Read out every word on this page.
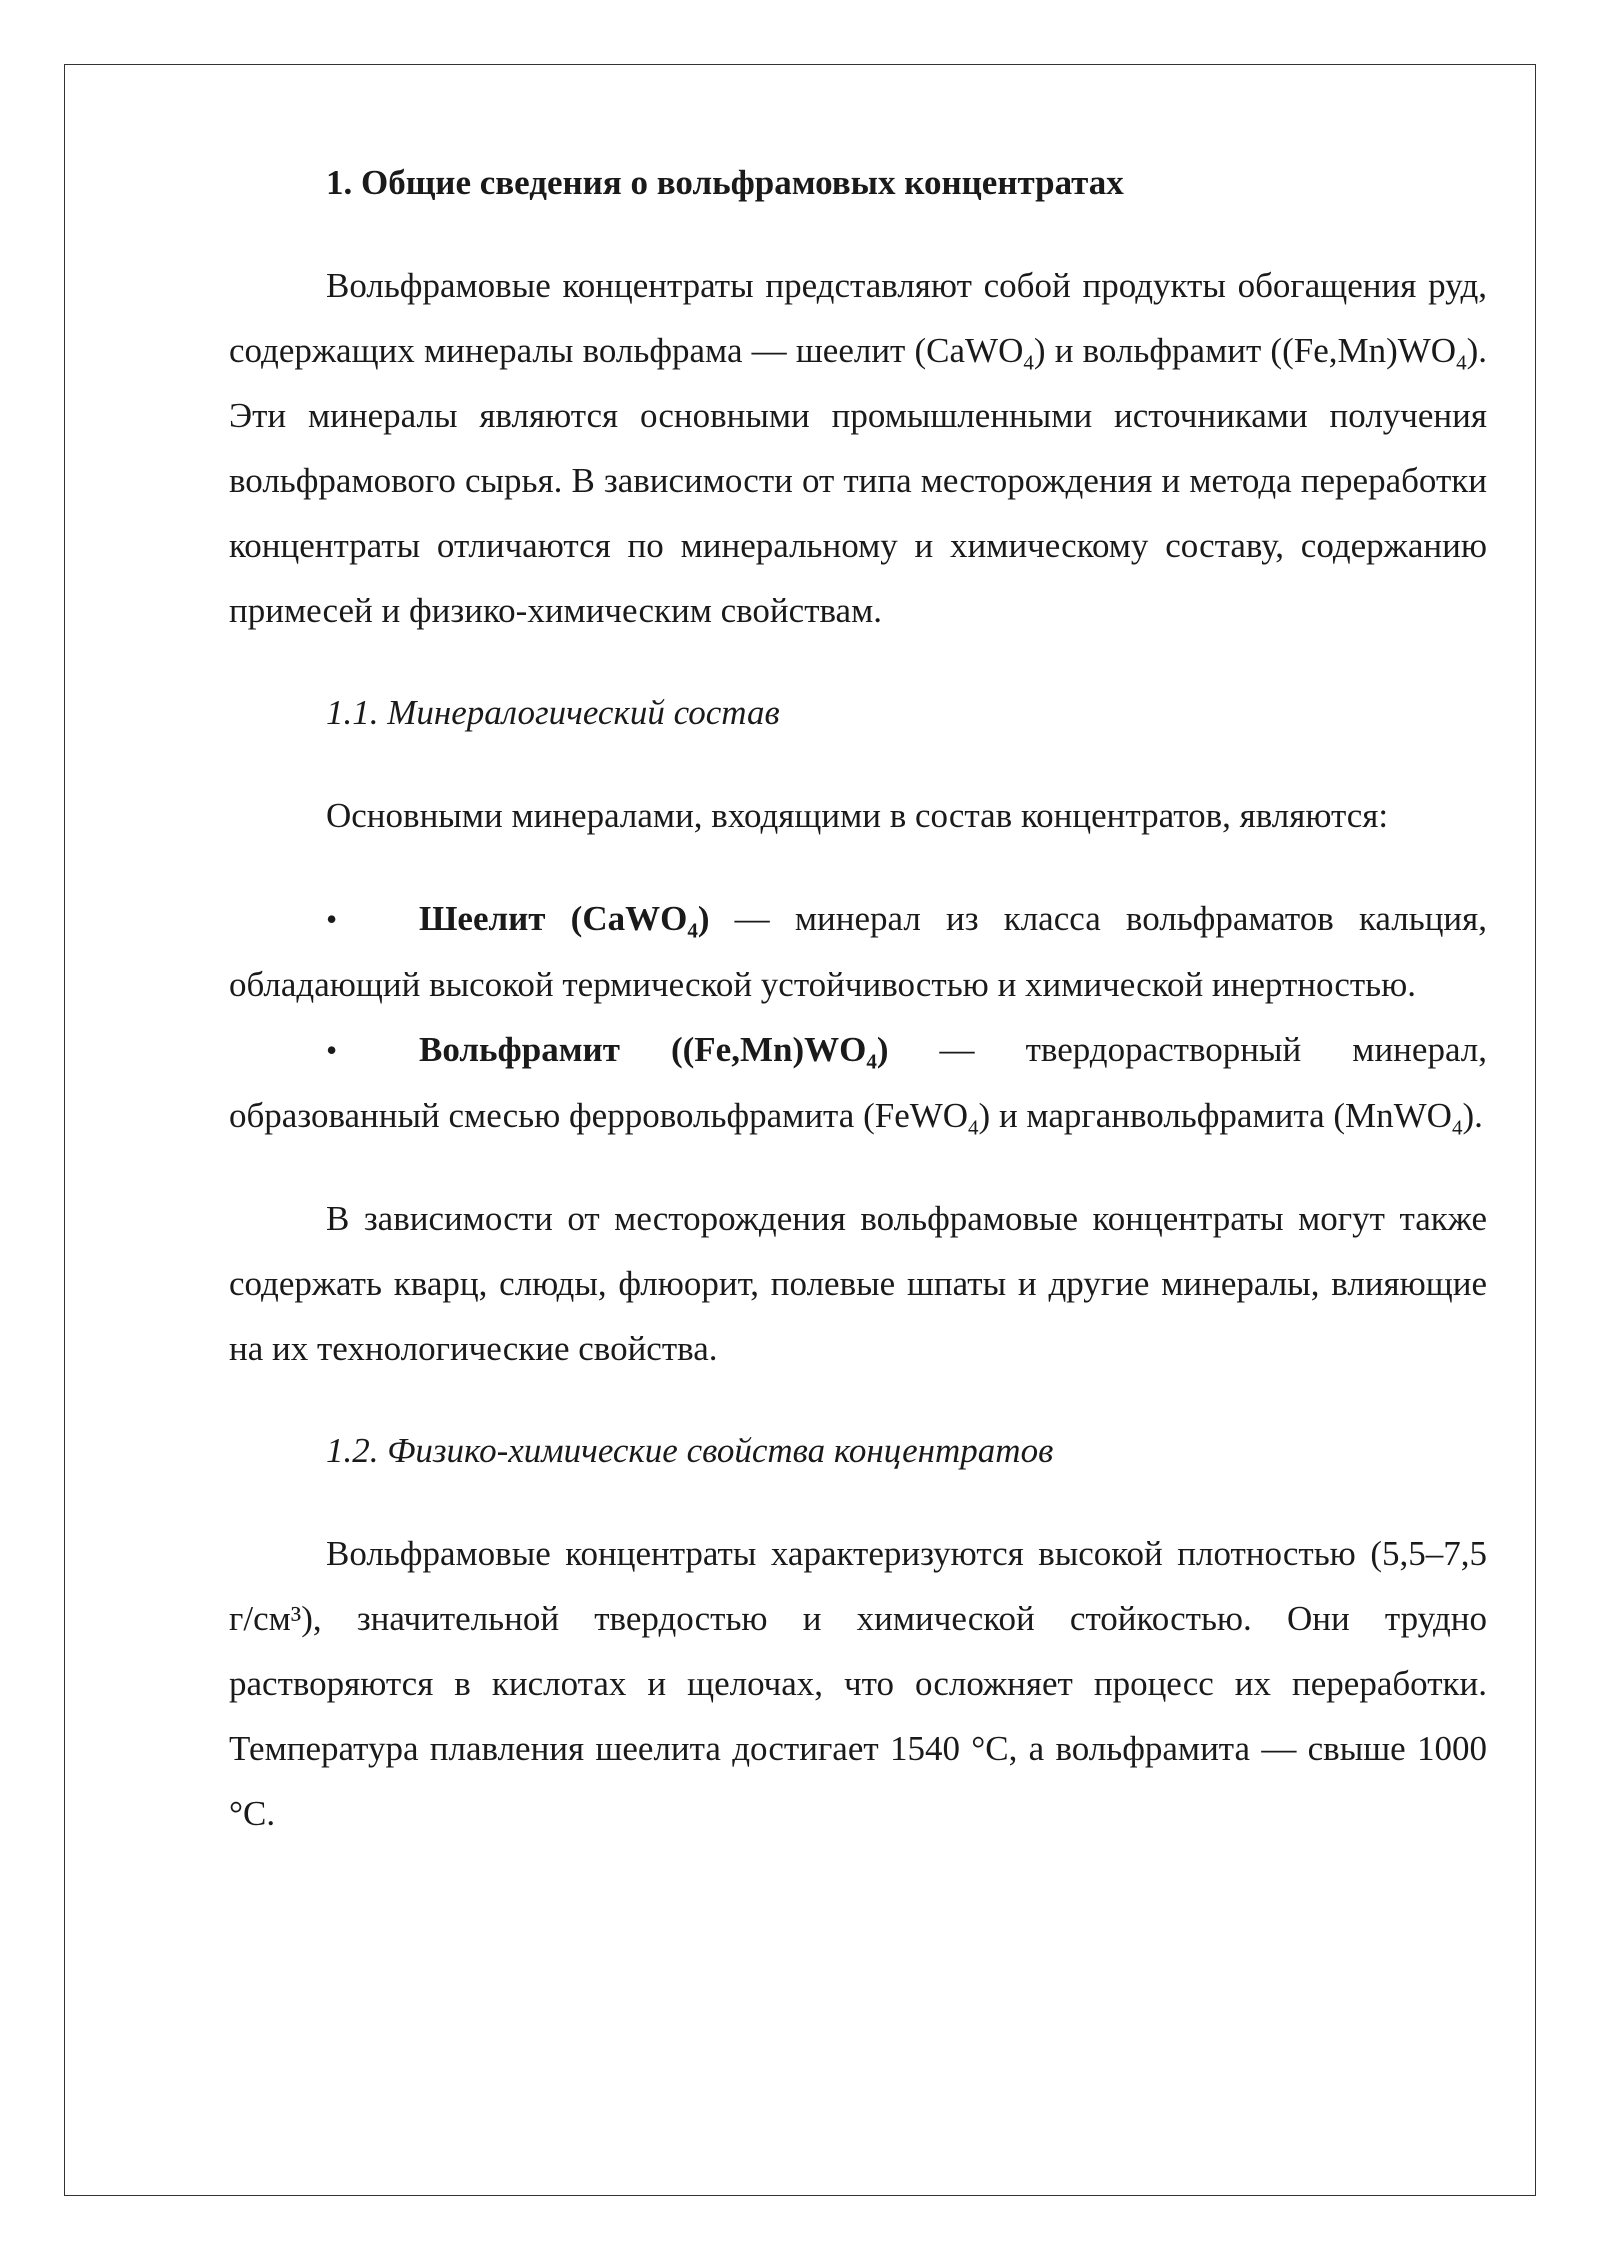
1. Общие сведения о вольфрамовых концентратах

Вольфрамовые концентраты представляют собой продукты обогащения руд, содержащих минералы вольфрама — шеелит (CaWO$_4$) и вольфрамит $((Fe,Mn)WO_4)$. Эти минералы являются основными промышленными источниками получения вольфрамового сырья. В зависимости от типа месторождения и метода переработки концентраты отличаются по минеральному и химическому составу, содержанию примесей и физико-химическим свойствам.

1.1. Минералогический состав

Основными минералами, входящими в состав концентратов, являются:

•Шеелит (CaWO$_4$) — минерал из класса вольфраматов кальция, обладающий высокой термической устойчивостью и химической инертностью.

•Вольфрамит $((Fe,Mn)WO_4)$ — твердорастворный минерал, образованный смесью ферровольфрамита (FeWO$_4$) и марганвольфрамита (MnWO$_4$).

В зависимости от месторождения вольфрамовые концентраты могут также содержать кварц, слюды, флюорит, полевые шпаты и другие минералы, влияющие на их технологические свойства.

1.2. Физико-химические свойства концентратов

Вольфрамовые концентраты характеризуются высокой плотностью (5,5–7,5 г/см³), значительной твердостью и химической стойкостью. Они трудно растворяются в кислотах и щелочах, что осложняет процесс их переработки. Температура плавления шеелита достигает 1540 °C, а вольфрамита — свыше 1000 °C.
